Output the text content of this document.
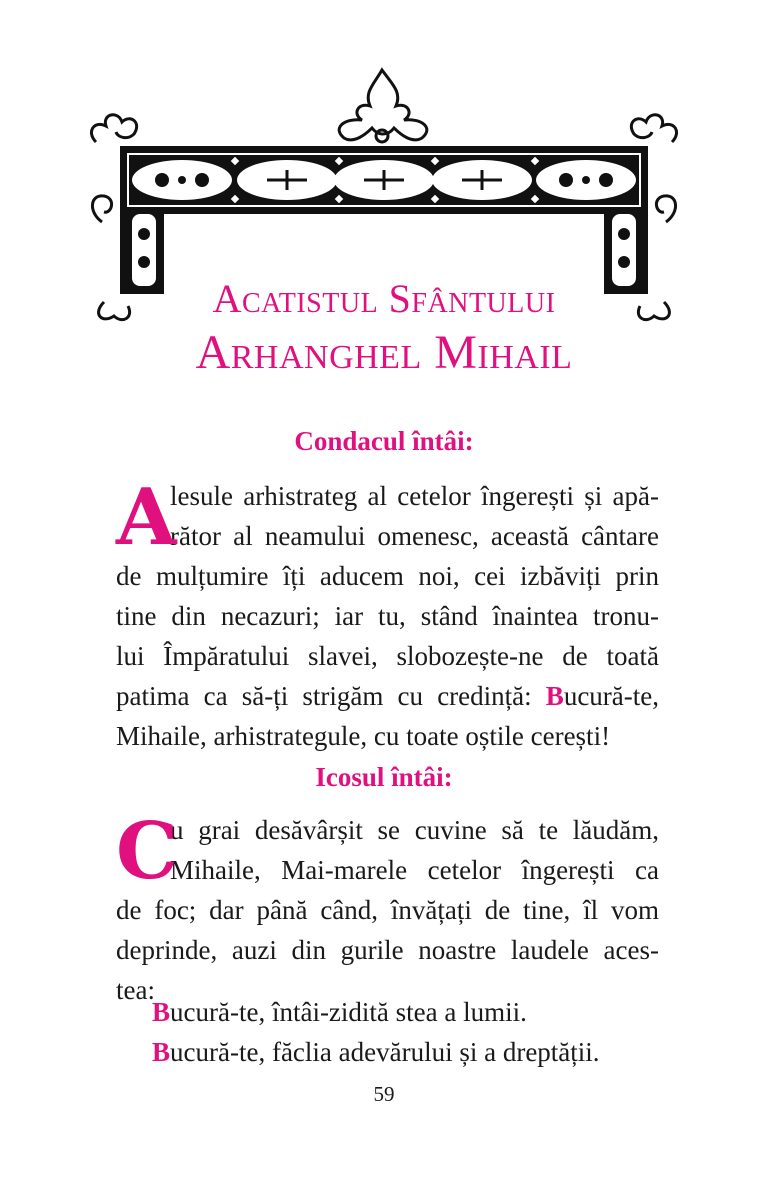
Acatistul Sfântului
Arhanghel Mihail
Condacul întâi:
A
lesule arhistrateg al cetelor îngerești și apă-
rător al neamului omenesc, această cântare
de mulțumire îți aducem noi, cei izbăviți prin
tine din necazuri; iar tu, stând înaintea tronu-
lui Împăratului slavei, slobozește-ne de toată
patima ca să-ți strigăm cu credință: Bucură-te,
Mihaile, arhistrategule, cu toate oștile cerești!
Icosul întâi:
C
u grai desăvârșit se cuvine să te lăudăm,
Mihaile, Mai-marele cetelor îngerești ca
de foc; dar până când, învățați de tine, îl vom
deprinde, auzi din gurile noastre laudele aces-
tea:
Bucură-te, întâi-zidită stea a lumii.
Bucură-te, făclia adevărului și a dreptății.
59
